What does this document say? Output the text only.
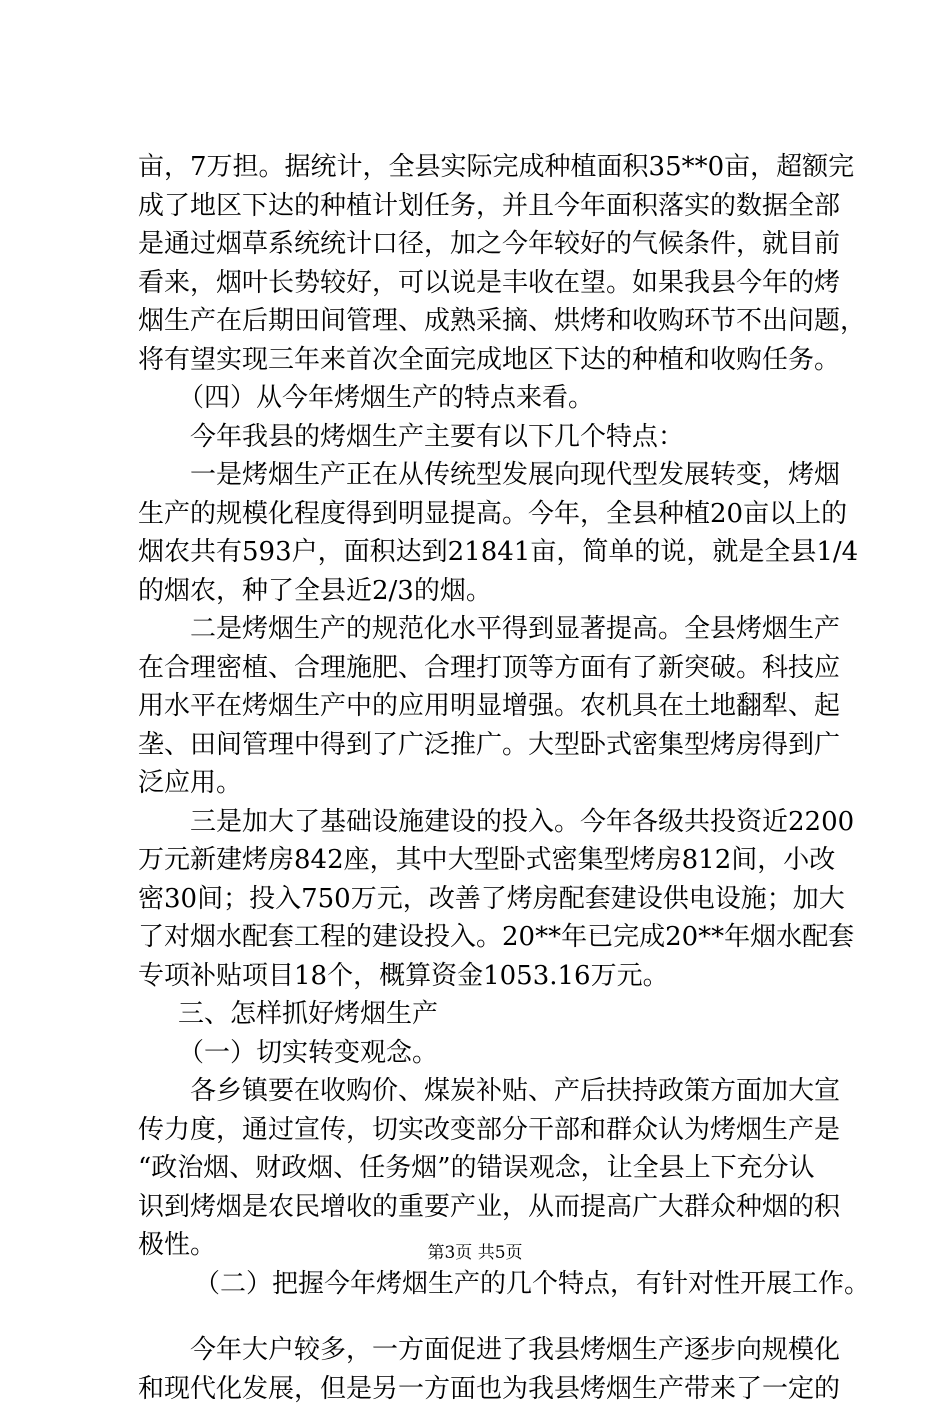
亩，7万担。据统计，全县实际完成种植面积35**0亩，超额完
成了地区下达的种植计划任务，并且今年面积落实的数据全部
是通过烟草系统统计口径，加之今年较好的气候条件，就目前
看来，烟叶长势较好，可以说是丰收在望。如果我县今年的烤
烟生产在后期田间管理、成熟采摘、烘烤和收购环节不出问题，
将有望实现三年来首次全面完成地区下达的种植和收购任务。
（四）从今年烤烟生产的特点来看。
今年我县的烤烟生产主要有以下几个特点：
一是烤烟生产正在从传统型发展向现代型发展转变，烤烟
生产的规模化程度得到明显提高。今年，全县种植20亩以上的
烟农共有593户，面积达到21841亩，简单的说，就是全县1/4
的烟农，种了全县近2/3的烟。
二是烤烟生产的规范化水平得到显著提高。全县烤烟生产
在合理密植、合理施肥、合理打顶等方面有了新突破。科技应
用水平在烤烟生产中的应用明显增强。农机具在土地翻犁、起
垄、田间管理中得到了广泛推广。大型卧式密集型烤房得到广
泛应用。
三是加大了基础设施建设的投入。今年各级共投资近2200
万元新建烤房842座，其中大型卧式密集型烤房812间，小改
密30间；投入750万元，改善了烤房配套建设供电设施；加大
了对烟水配套工程的建设投入。20**年已完成20**年烟水配套
专项补贴项目18个，概算资金1053.16万元。
三、怎样抓好烤烟生产
（一）切实转变观念。
各乡镇要在收购价、煤炭补贴、产后扶持政策方面加大宣
传力度，通过宣传，切实改变部分干部和群众认为烤烟生产是
“政治烟、财政烟、任务烟”的错误观念，让全县上下充分认
识到烤烟是农民增收的重要产业，从而提高广大群众种烟的积
极性。
（二）把握今年烤烟生产的几个特点，有针对性开展工作。
今年大户较多，一方面促进了我县烤烟生产逐步向规模化
和现代化发展，但是另一方面也为我县烤烟生产带来了一定的
第3页 共5页
